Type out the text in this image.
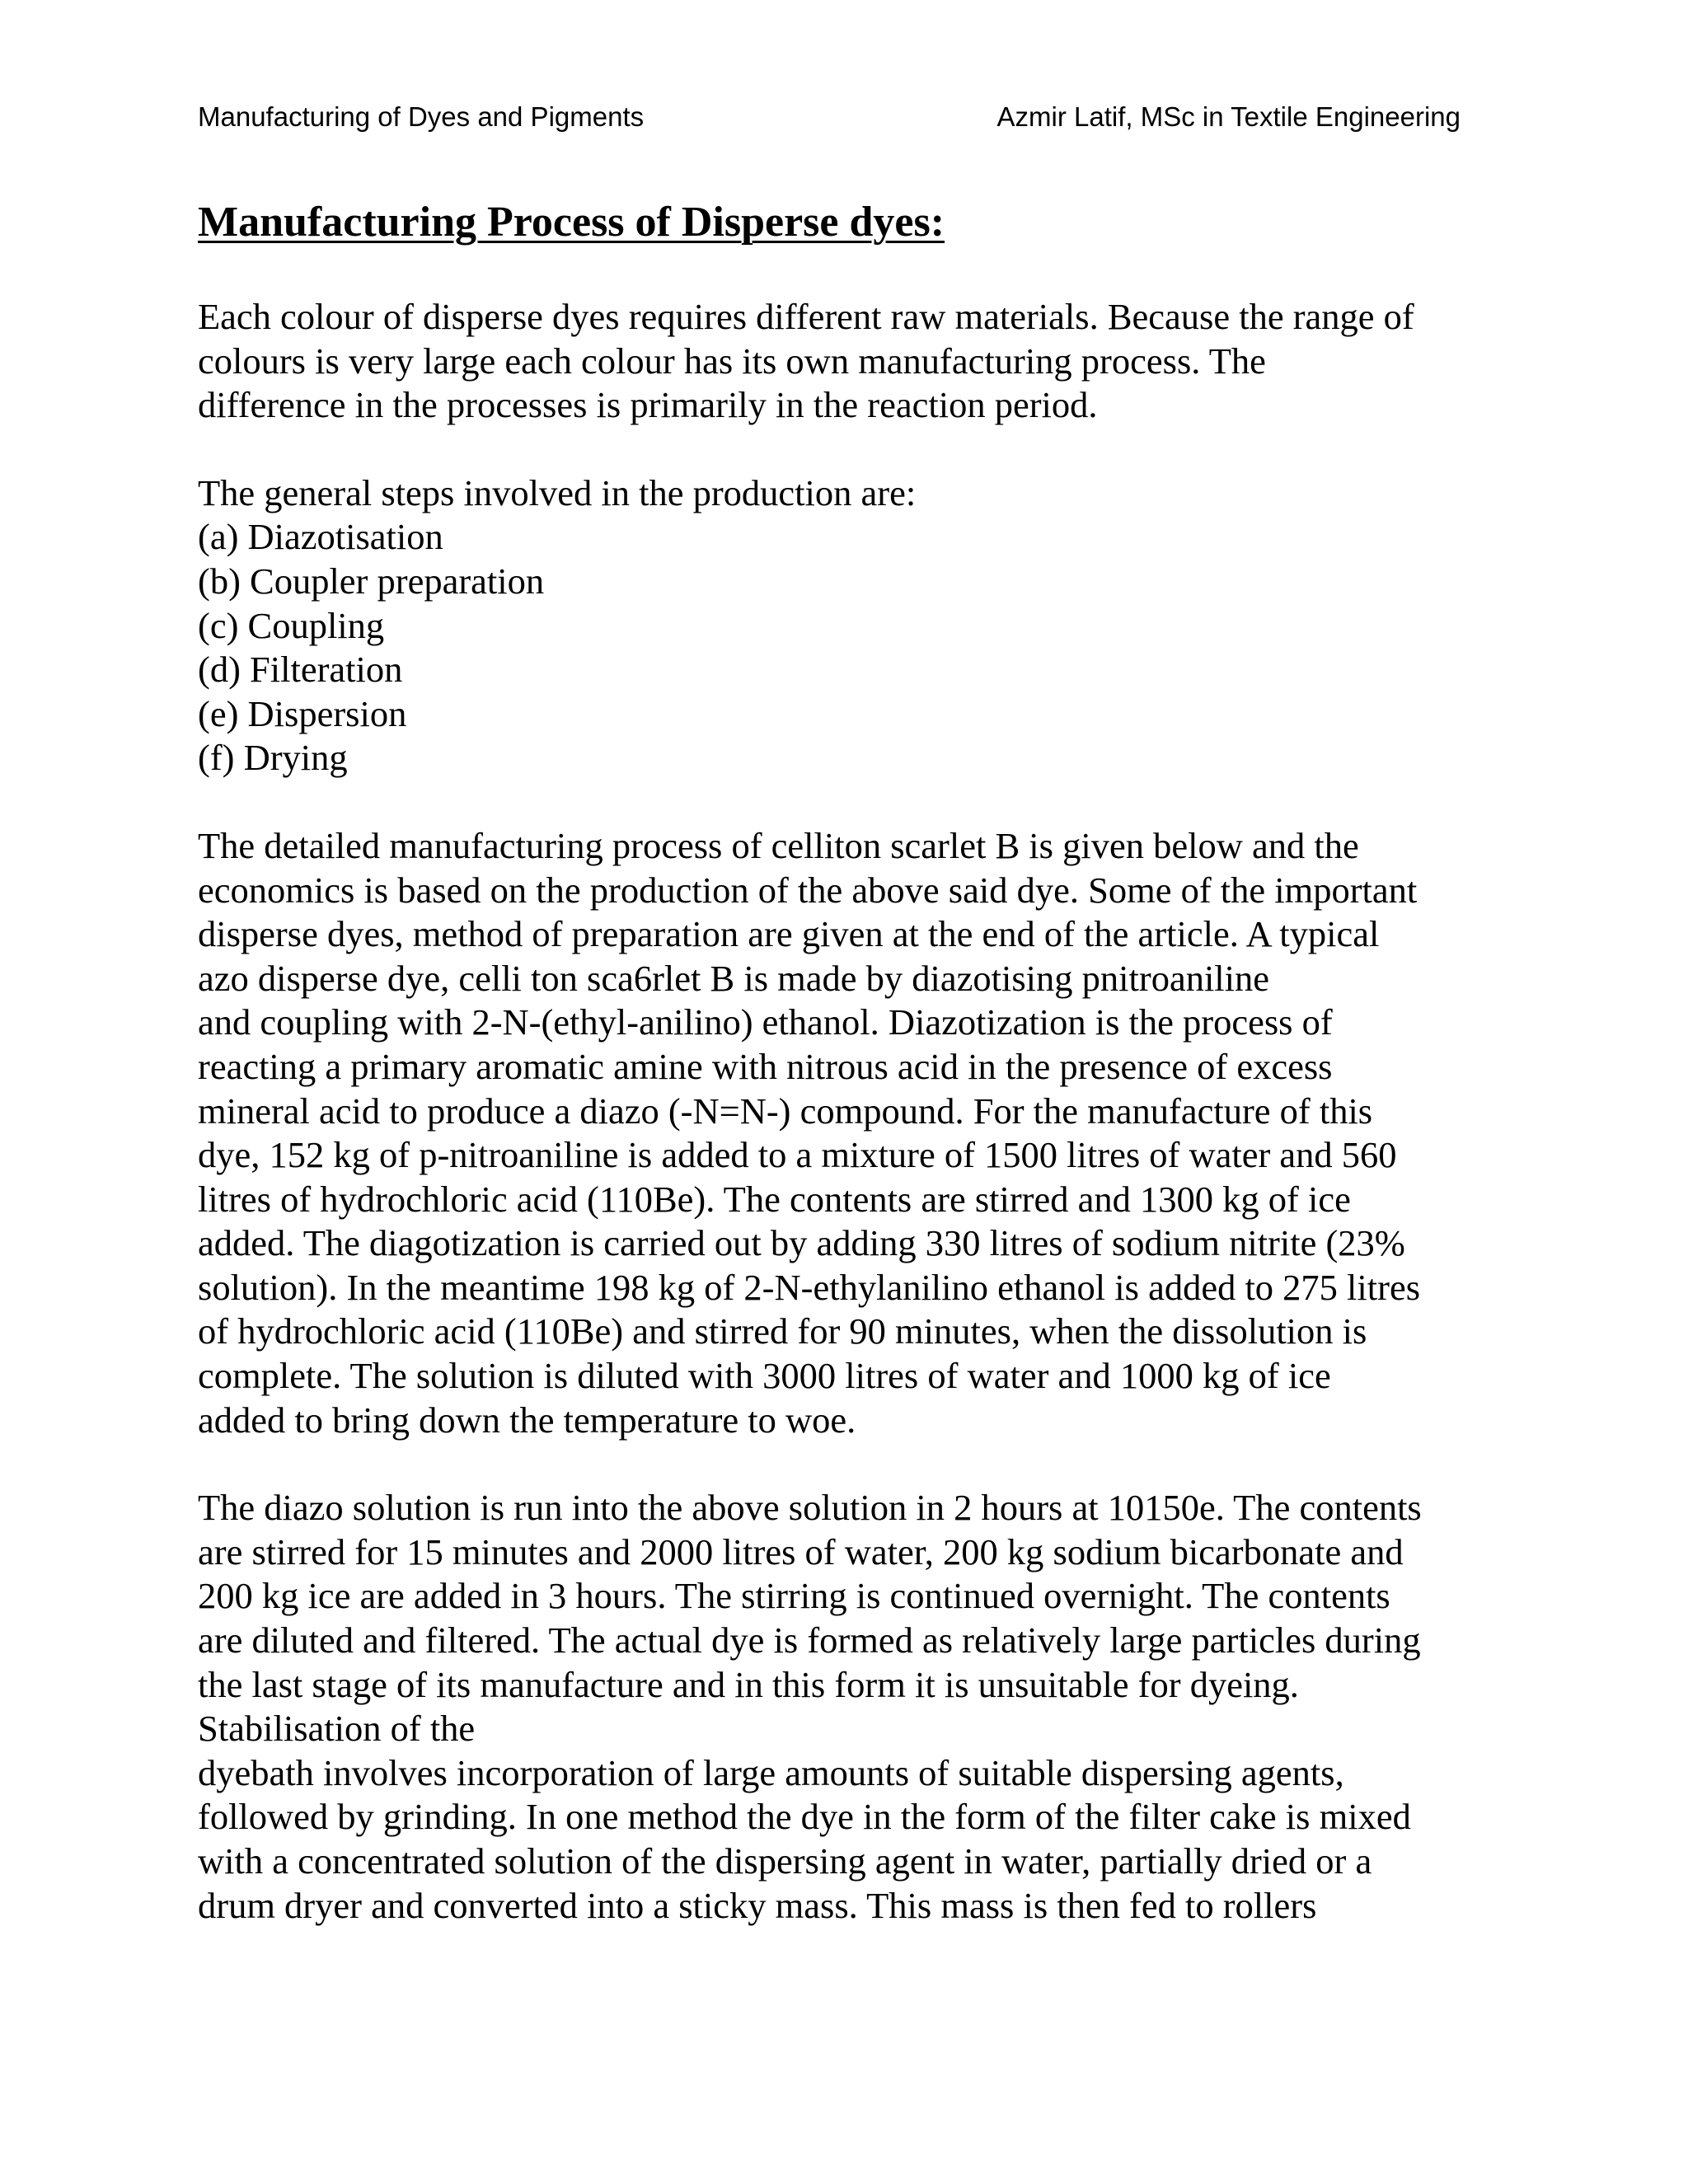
Manufacturing of Dyes and Pigments	Azmir Latif, MSc in Textile Engineering
Manufacturing Process of Disperse dyes:

Each colour of disperse dyes requires different raw materials. Because the range of
colours is very large each colour has its own manufacturing process. The
difference in the processes is primarily in the reaction period.

The general steps involved in the production are:
(a) Diazotisation
(b) Coupler preparation
(c) Coupling
(d) Filteration
(e) Dispersion
(f) Drying

The detailed manufacturing process of celliton scarlet B is given below and the
economics is based on the production of the above said dye. Some of the important
disperse dyes, method of preparation are given at the end of the article. A typical
azo disperse dye, celli ton sca6rlet B is made by diazotising pnitroaniline
and coupling with 2-N-(ethyl-anilino) ethanol. Diazotization is the process of
reacting a primary aromatic amine with nitrous acid in the presence of excess
mineral acid to produce a diazo (-N=N-) compound. For the manufacture of this
dye, 152 kg of p-nitroaniline is added to a mixture of 1500 litres of water and 560
litres of hydrochloric acid (110Be). The contents are stirred and 1300 kg of ice
added. The diagotization is carried out by adding 330 litres of sodium nitrite (23%
solution). In the meantime 198 kg of 2-N-ethylanilino ethanol is added to 275 litres
of hydrochloric acid (110Be) and stirred for 90 minutes, when the dissolution is
complete. The solution is diluted with 3000 litres of water and 1000 kg of ice
added to bring down the temperature to woe.

The diazo solution is run into the above solution in 2 hours at 10150e. The contents
are stirred for 15 minutes and 2000 litres of water, 200 kg sodium bicarbonate and
200 kg ice are added in 3 hours. The stirring is continued overnight. The contents
are diluted and filtered. The actual dye is formed as relatively large particles during
the last stage of its manufacture and in this form it is unsuitable for dyeing.
Stabilisation of the
dyebath involves incorporation of large amounts of suitable dispersing agents,
followed by grinding. In one method the dye in the form of the filter cake is mixed
with a concentrated solution of the dispersing agent in water, partially dried or a
drum dryer and converted into a sticky mass. This mass is then fed to rollers
